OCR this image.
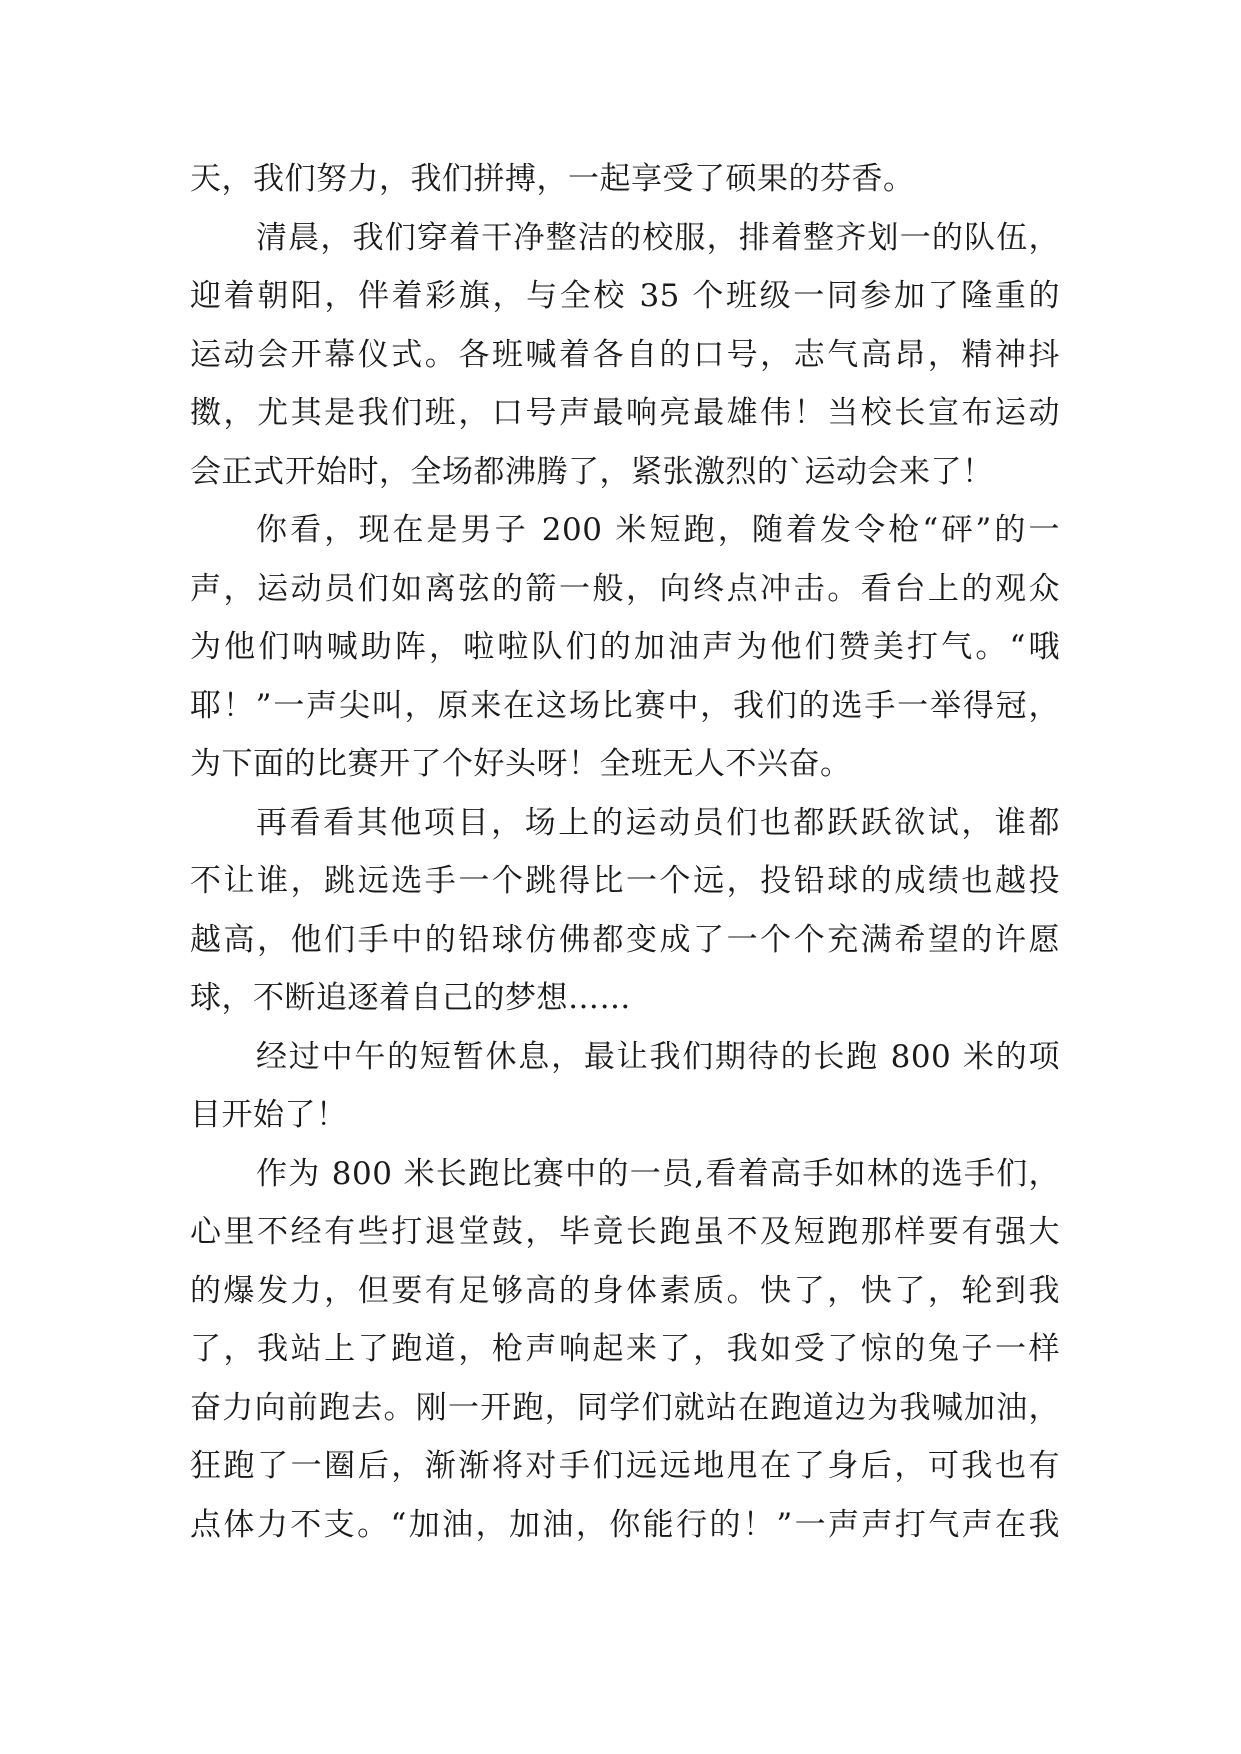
天，我们努力，我们拼搏，一起享受了硕果的芬香。
清晨，我们穿着干净整洁的校服，排着整齐划一的队伍，
迎着朝阳，伴着彩旗，与全校 35 个班级一同参加了隆重的
运动会开幕仪式。各班喊着各自的口号，志气高昂，精神抖
擞，尤其是我们班，口号声最响亮最雄伟！当校长宣布运动
会正式开始时，全场都沸腾了，紧张激烈的`运动会来了！
你看，现在是男子 200 米短跑，随着发令枪“砰”的一
声，运动员们如离弦的箭一般，向终点冲击。看台上的观众
为他们呐喊助阵，啦啦队们的加油声为他们赞美打气。“哦
耶！”一声尖叫，原来在这场比赛中，我们的选手一举得冠，
为下面的比赛开了个好头呀！全班无人不兴奋。
再看看其他项目，场上的运动员们也都跃跃欲试，谁都
不让谁，跳远选手一个跳得比一个远，投铅球的成绩也越投
越高，他们手中的铅球仿佛都变成了一个个充满希望的许愿
球，不断追逐着自己的梦想……
经过中午的短暂休息，最让我们期待的长跑 800 米的项
目开始了！
作为 800 米长跑比赛中的一员,看着高手如林的选手们，
心里不经有些打退堂鼓，毕竟长跑虽不及短跑那样要有强大
的爆发力，但要有足够高的身体素质。快了，快了，轮到我
了，我站上了跑道，枪声响起来了，我如受了惊的兔子一样
奋力向前跑去。刚一开跑，同学们就站在跑道边为我喊加油，
狂跑了一圈后，渐渐将对手们远远地甩在了身后，可我也有
点体力不支。“加油，加油，你能行的！”一声声打气声在我
